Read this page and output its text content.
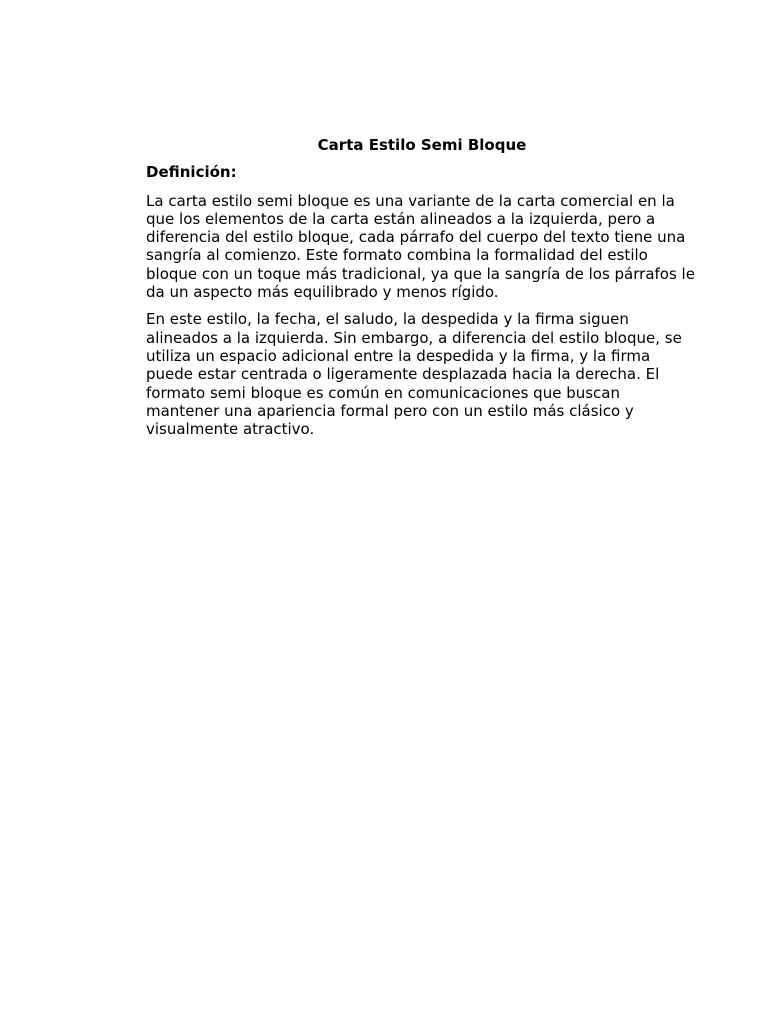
Carta Estilo Semi Bloque
Definición:

La carta estilo semi bloque es una variante de la carta comercial en la que los elementos de la carta están alineados a la izquierda, pero a diferencia del estilo bloque, cada párrafo del cuerpo del texto tiene una sangría al comienzo. Este formato combina la formalidad del estilo bloque con un toque más tradicional, ya que la sangría de los párrafos le da un aspecto más equilibrado y menos rígido.

En este estilo, la fecha, el saludo, la despedida y la firma siguen alineados a la izquierda. Sin embargo, a diferencia del estilo bloque, se utiliza un espacio adicional entre la despedida y la firma, y la firma puede estar centrada o ligeramente desplazada hacia la derecha. El formato semi bloque es común en comunicaciones que buscan mantener una apariencia formal pero con un estilo más clásico y visualmente atractivo.
